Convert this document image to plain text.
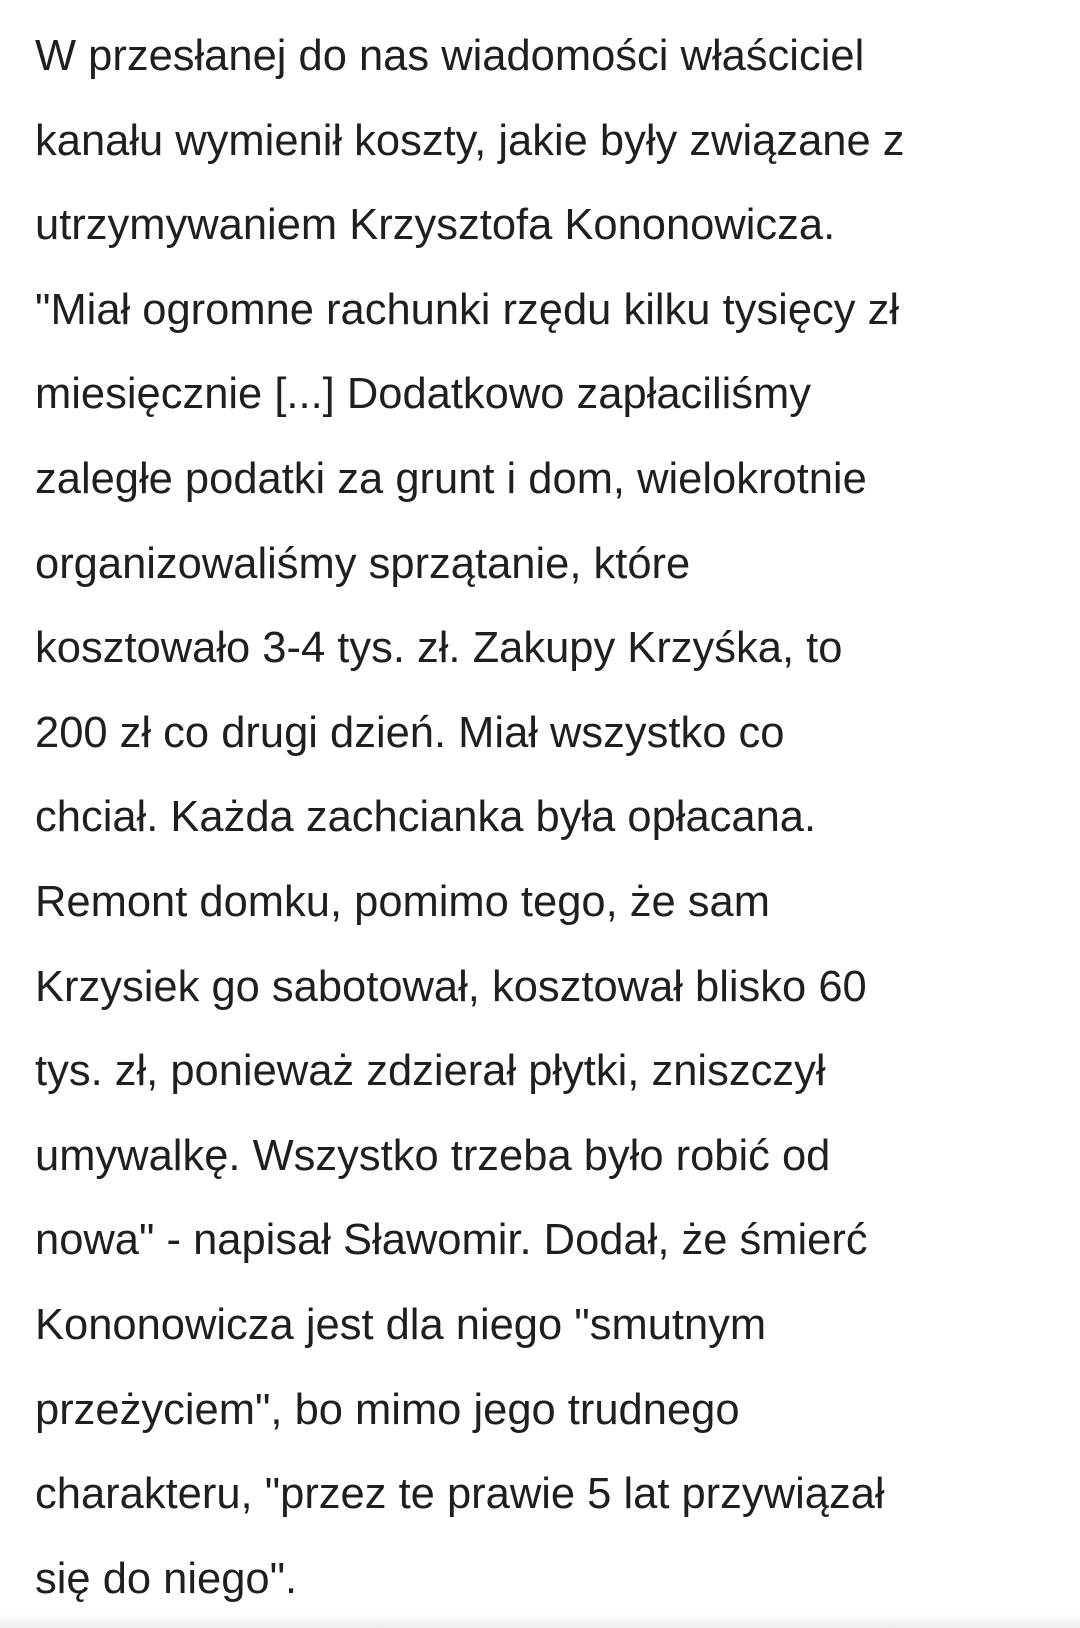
W przesłanej do nas wiadomości właściciel
kanału wymienił koszty, jakie były związane z
utrzymywaniem Krzysztofa Kononowicza.
"Miał ogromne rachunki rzędu kilku tysięcy zł
miesięcznie [...] Dodatkowo zapłaciliśmy
zaległe podatki za grunt i dom, wielokrotnie
organizowaliśmy sprzątanie, które
kosztowało 3-4 tys. zł. Zakupy Krzyśka, to
200 zł co drugi dzień. Miał wszystko co
chciał. Każda zachcianka była opłacana.
Remont domku, pomimo tego, że sam
Krzysiek go sabotował, kosztował blisko 60
tys. zł, ponieważ zdzierał płytki, zniszczył
umywalkę. Wszystko trzeba było robić od
nowa" - napisał Sławomir. Dodał, że śmierć
Kononowicza jest dla niego "smutnym
przeżyciem", bo mimo jego trudnego
charakteru, "przez te prawie 5 lat przywiązał
się do niego".
